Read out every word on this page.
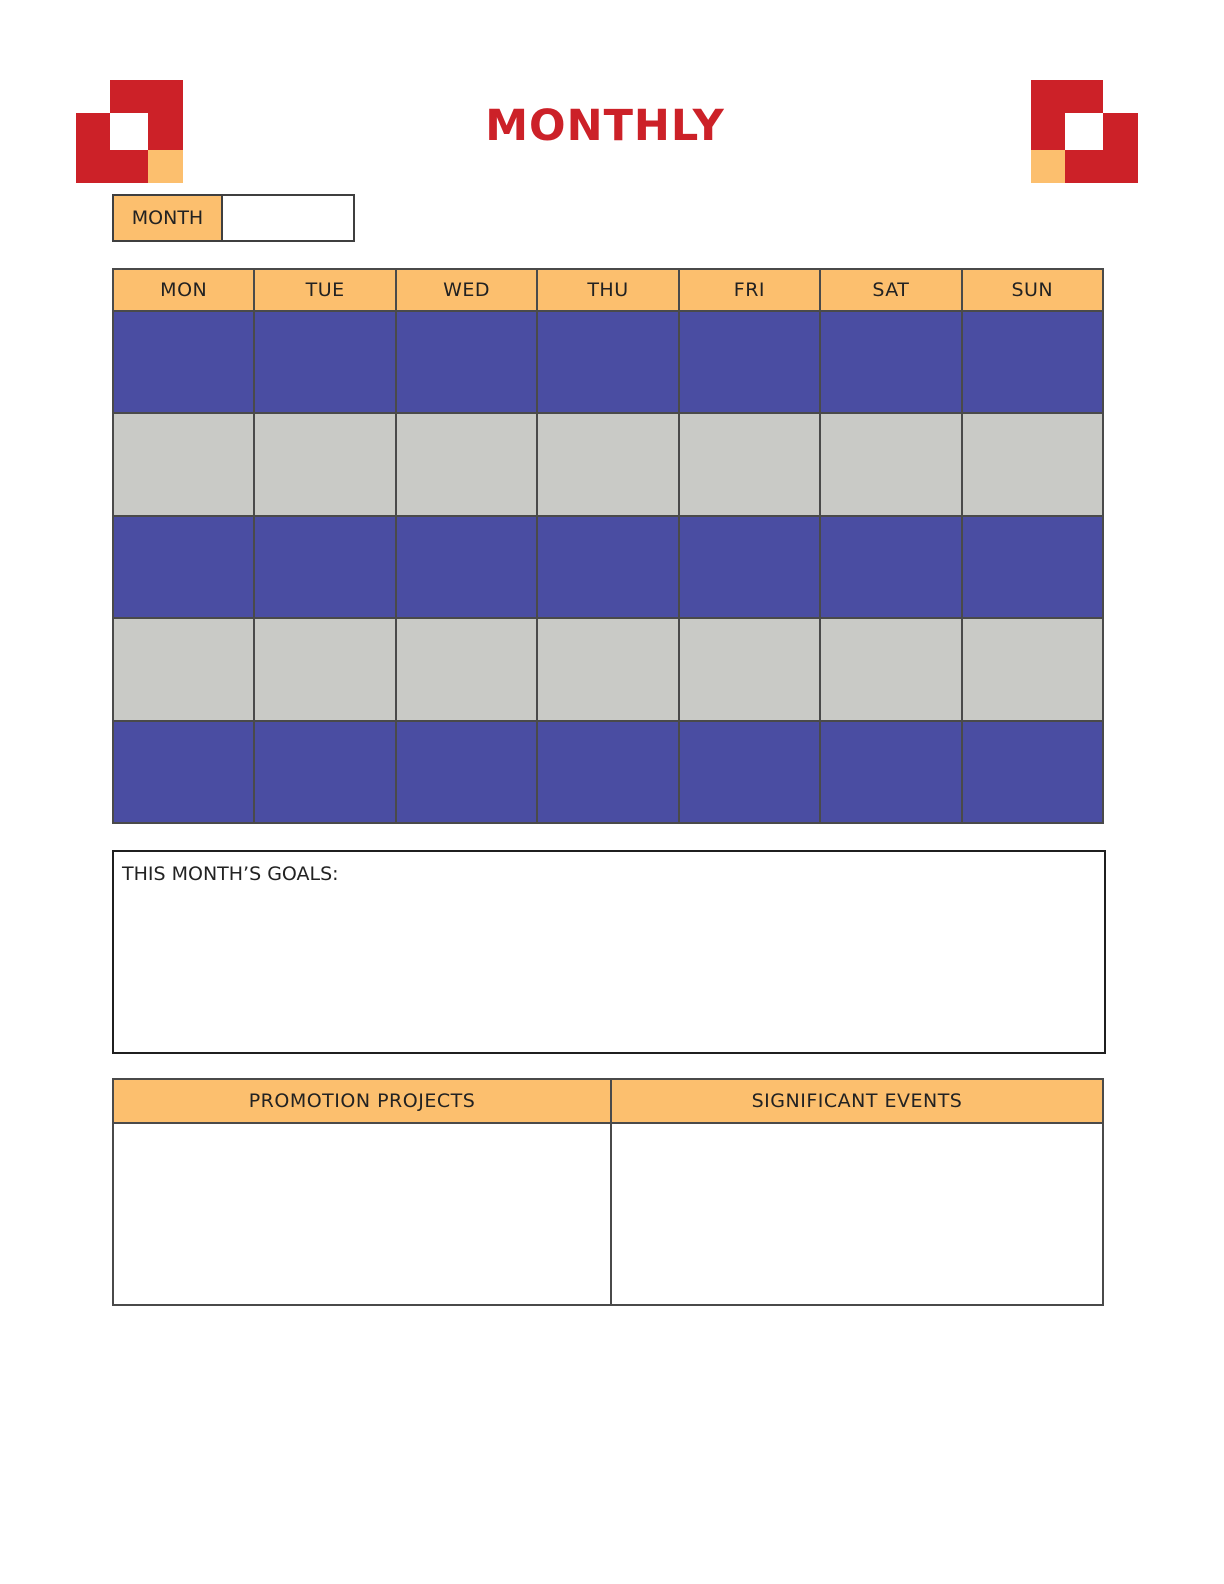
MONTHLY
MONTH
MON	TUE	WED	THU	FRI	SAT	SUN
THIS MONTH’S GOALS:
PROMOTION PROJECTS	SIGNIFICANT EVENTS
